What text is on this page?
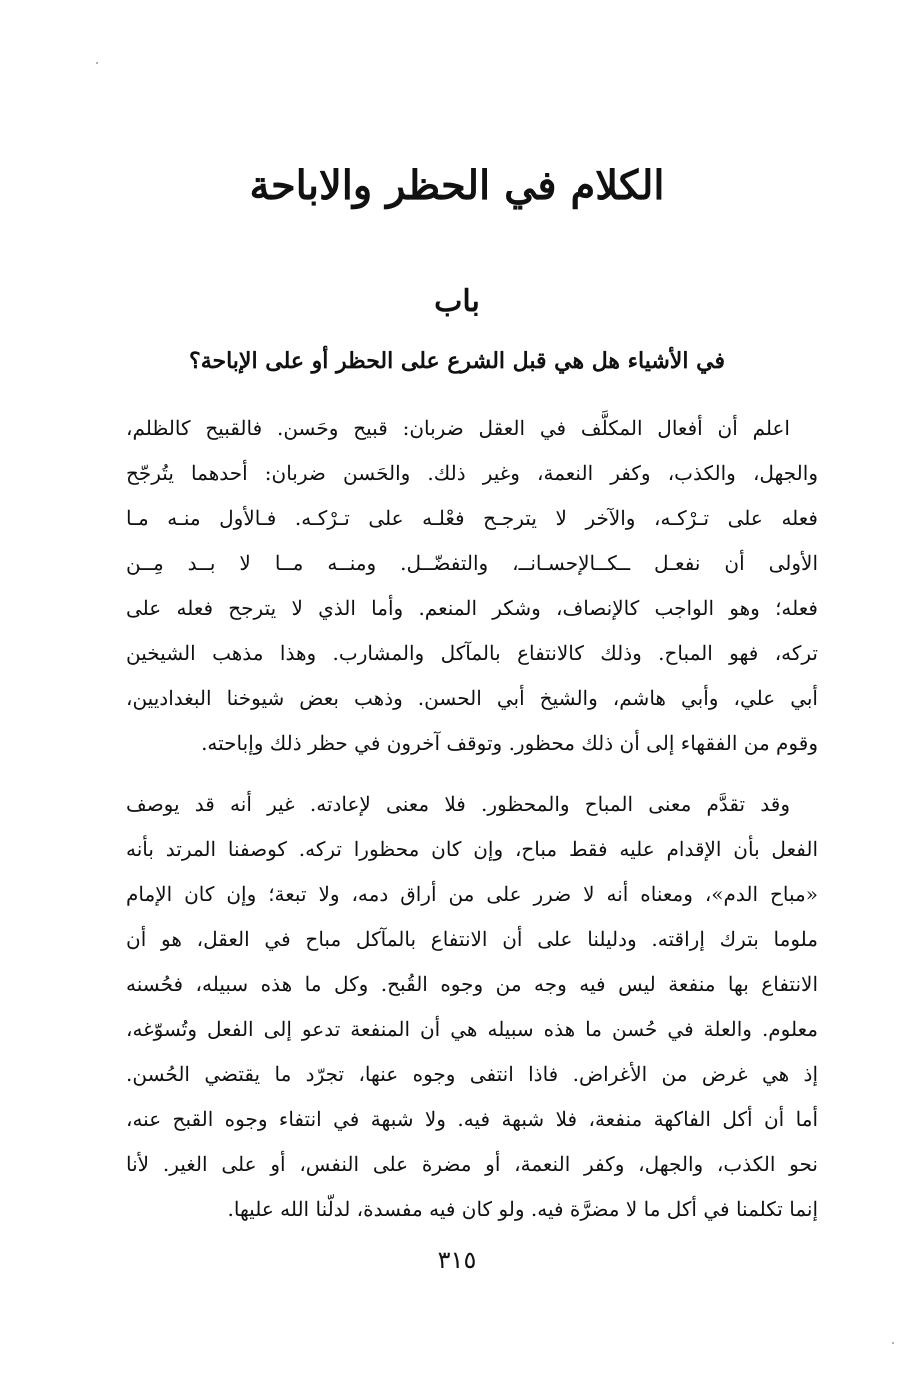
الكلام في الحظر والاباحة
باب
في الأشياء هل هي قبل الشرع على الحظر أو على الإباحة؟
اعلم أن أفعال المكلَّف في العقل ضربان: قبيح وحَسن. فالقبيح كالظلم،
والجهل، والكذب، وكفر النعمة، وغير ذلك. والحَسن ضربان: أحدهما يتُرجّح
فعله على تـرْكـه، والآخر لا يترجـح فعْلـه على تـرْكـه. فـالأول منـه مـا
الأولى أن نفعـل ــكــالإحسـانــ، والتفضّــل. ومنــه مــا لا بــد مِــن
فعله؛ وهو الواجب كالإنصاف، وشكر المنعم. وأما الذي لا يترجح فعله على
تركه، فهو المباح. وذلك كالانتفاع بالمآكل والمشارب. وهذا مذهب الشيخين
أبي علي، وأبي هاشم، والشيخ أبي الحسن. وذهب بعض شيوخنا البغداديين،
وقوم من الفقهاء إلى أن ذلك محظور. وتوقف آخرون في حظر ذلك وإباحته.
وقد تقدَّم معنى المباح والمحظور. فلا معنى لإعادته. غير أنه قد يوصف
الفعل بأن الإقدام عليه فقط مباح، وإن كان محظورا تركه. كوصفنا المرتد بأنه
«مباح الدم»، ومعناه أنه لا ضرر على من أراق دمه، ولا تبعة؛ وإن كان الإمام
ملوما بترك إراقته. ودليلنا على أن الانتفاع بالمآكل مباح في العقل، هو أن
الانتفاع بها منفعة ليس فيه وجه من وجوه القُبح. وكل ما هذه سبيله، فحُسنه
معلوم. والعلة في حُسن ما هذه سبيله هي أن المنفعة تدعو إلى الفعل وتُسوّغه،
إذ هي غرض من الأغراض. فاذا انتفى وجوه عنها، تجرّد ما يقتضي الحُسن.
أما أن أكل الفاكهة منفعة، فلا شبهة فيه. ولا شبهة في انتفاء وجوه القبح عنه،
نحو الكذب، والجهل، وكفر النعمة، أو مضرة على النفس، أو على الغير. لأنا
إنما تكلمنا في أكل ما لا مضرَّة فيه. ولو كان فيه مفسدة، لدلّنا الله عليها.
٣١٥
